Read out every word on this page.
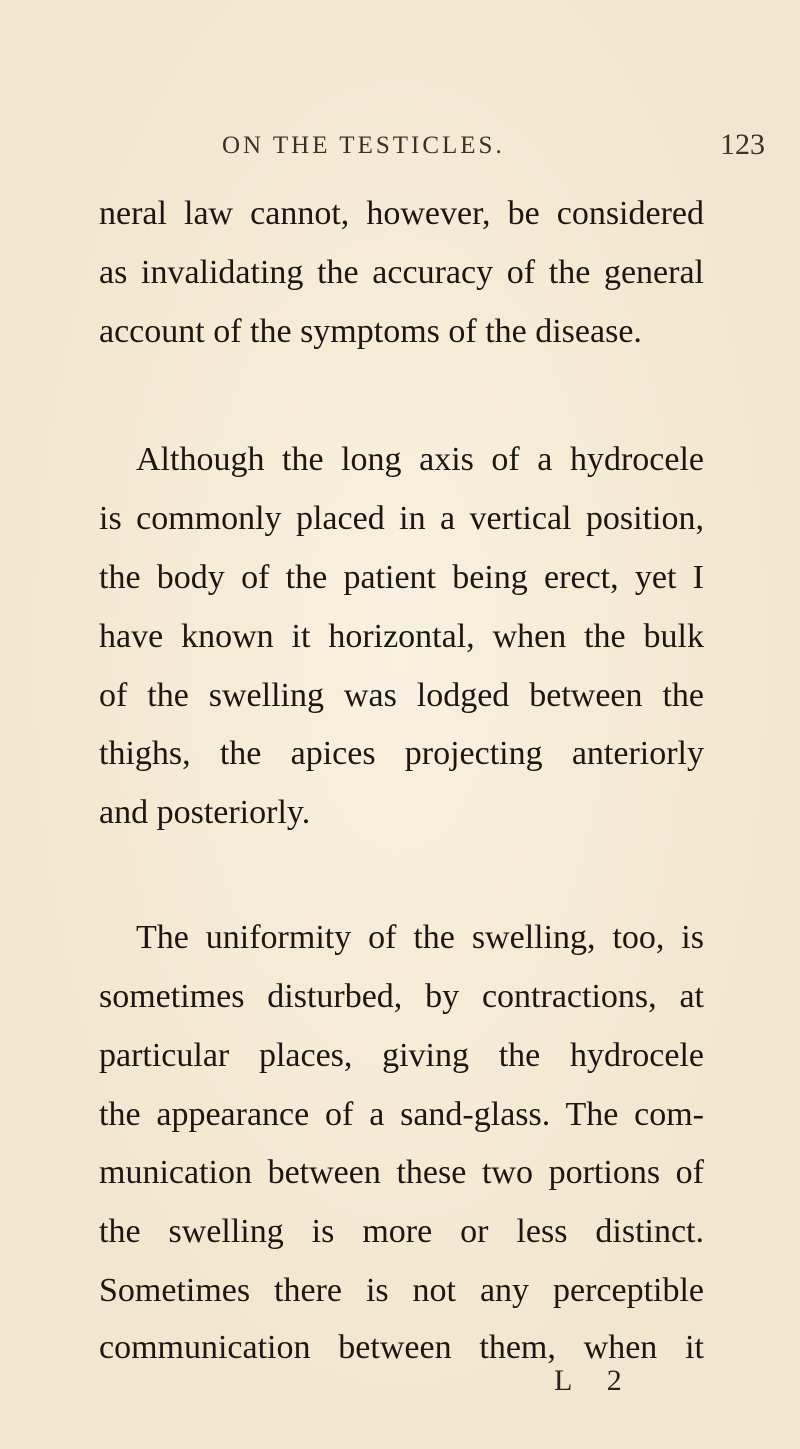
ON THE TESTICLES.	123
neral law cannot, however, be considered
as invalidating the accuracy of the general
account of the symptoms of the disease.
Although the long axis of a hydrocele
is commonly placed in a vertical position,
the body of the patient being erect, yet I
have known it horizontal, when the bulk
of the swelling was lodged between the
thighs, the apices projecting anteriorly
and posteriorly.
The uniformity of the swelling, too, is
sometimes disturbed, by contractions, at
particular places, giving the hydrocele
the appearance of a sand-glass. The com-
munication between these two portions of
the swelling is more or less distinct.
Sometimes there is not any perceptible
communication between them, when it
L 2
